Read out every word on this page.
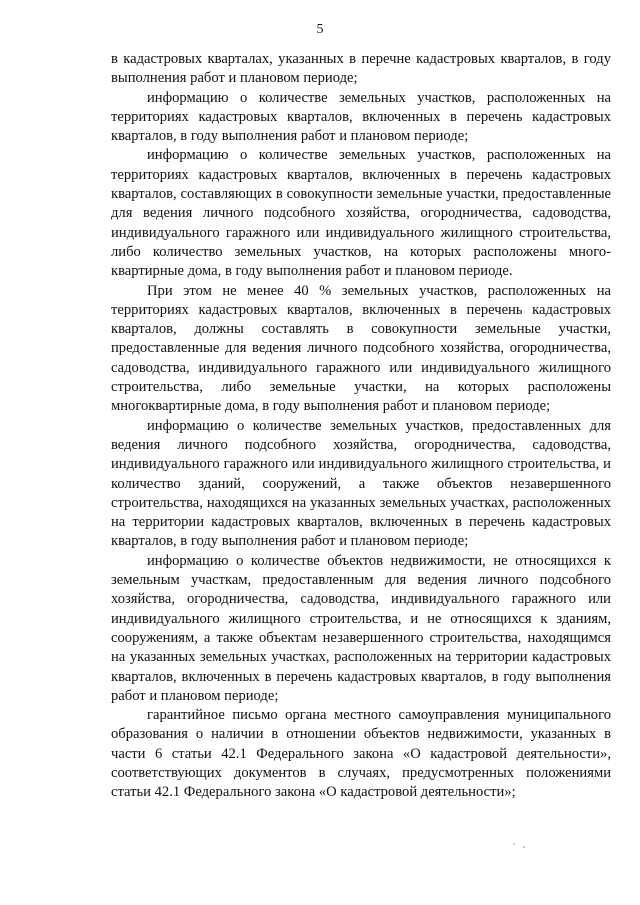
5

в кадастровых кварталах, указанных в перечне кадастровых кварталов, в году выполнения работ и плановом периоде;

информацию о количестве земельных участков, расположенных на территориях кадастровых кварталов, включенных в перечень кадастровых кварталов, в году выполнения работ и плановом периоде;

информацию о количестве земельных участков, расположенных на территориях кадастровых кварталов, включенных в перечень кадастровых кварталов, составляющих в совокупности земельные участки, предоставленные для ведения личного подсобного хозяйства, огородничества, садоводства, индивидуального гаражного или индивидуального жилищного строительства, либо количество земельных участков, на которых расположены много-квартирные дома, в году выполнения работ и плановом периоде.

При этом не менее 40 % земельных участков, расположенных на территориях кадастровых кварталов, включенных в перечень кадастровых кварталов, должны составлять в совокупности земельные участки, предоставленные для ведения личного подсобного хозяйства, огородничества, садоводства, индивидуального гаражного или индивидуального жилищного строительства, либо земельные участки, на которых расположены многоквартирные дома, в году выполнения работ и плановом периоде;

информацию о количестве земельных участков, предоставленных для ведения личного подсобного хозяйства, огородничества, садоводства, индивидуального гаражного или индивидуального жилищного строительства, и количество зданий, сооружений, а также объектов незавершенного строительства, находящихся на указанных земельных участках, расположенных на территории кадастровых кварталов, включенных в перечень кадастровых кварталов, в году выполнения работ и плановом периоде;

информацию о количестве объектов недвижимости, не относящихся к земельным участкам, предоставленным для ведения личного подсобного хозяйства, огородничества, садоводства, индивидуального гаражного или индивидуального жилищного строительства, и не относящихся к зданиям, сооружениям, а также объектам незавершенного строительства, находящимся на указанных земельных участках, расположенных на территории кадастровых кварталов, включенных в перечень кадастровых кварталов, в году выполнения работ и плановом периоде;

гарантийное письмо органа местного самоуправления муниципального образования о наличии в отношении объектов недвижимости, указанных в части 6 статьи 42.1 Федерального закона «О кадастровой деятельности», соответствующих документов в случаях, предусмотренных положениями статьи 42.1 Федерального закона «О кадастровой деятельности»;
